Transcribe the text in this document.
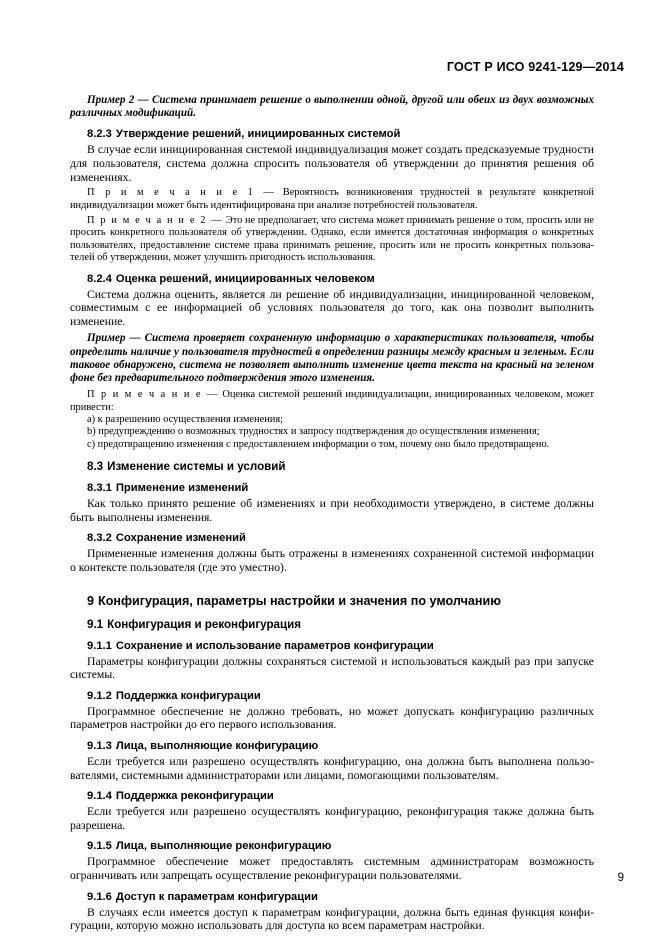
ГОСТ Р ИСО 9241-129—2014

Пример 2 — Система принимает решение о выполнении одной, другой или обеих из двух возможных различных модификаций.

8.2.3 Утверждение решений, инициированных системой

В случае если инициированная системой индивидуализация может создать предсказуемые трудности для пользователя, система должна спросить пользователя об утверждении до принятия решения об изменениях.

П р и м е ч а н и е 1 — Вероятность возникновения трудностей в результате конкретной индивидуализации может быть идентифицирована при анализе потребностей пользователя.

П р и м е ч а н и е 2 — Это не предполагает, что система может принимать решение о том, просить или не просить конкретного пользователя об утверждении. Однако, если имеется достаточная информация о конкретных пользователях, предоставление системе права принимать решение, просить или не просить конкретных пользователей об утверждении, может улучшить пригодность использования.

8.2.4 Оценка решений, инициированных человеком

Система должна оценить, является ли решение об индивидуализации, инициированной человеком, совместимым с ее информацией об условиях пользователя до того, как она позволит выполнить изменение.

Пример — Система проверяет сохраненную информацию о характеристиках пользователя, чтобы определить наличие у пользователя трудностей в определении разницы между красным и зеленым. Если таковое обнаружено, система не позволяет выполнить изменение цвета текста на красный на зеленом фоне без предварительного подтверждения этого изменения.

П р и м е ч а н и е — Оценка системой решений индивидуализации, инициированных человеком, может привести:

a) к разрешению осуществления изменения;

b) предупреждению о возможных трудностях и запросу подтверждения до осуществления изменения;

c) предотвращению изменения с предоставлением информации о том, почему оно было предотвращено.

8.3 Изменение системы и условий

8.3.1 Применение изменений

Как только принято решение об изменениях и при необходимости утверждено, в системе должны быть выполнены изменения.

8.3.2 Сохранение изменений

Примененные изменения должны быть отражены в изменениях сохраненной системой информации о контексте пользователя (где это уместно).

9 Конфигурация, параметры настройки и значения по умолчанию

9.1 Конфигурация и реконфигурация

9.1.1 Сохранение и использование параметров конфигурации

Параметры конфигурации должны сохраняться системой и использоваться каждый раз при запуске системы.

9.1.2 Поддержка конфигурации

Программное обеспечение не должно требовать, но может допускать конфигурацию различных параметров настройки до его первого использования.

9.1.3 Лица, выполняющие конфигурацию

Если требуется или разрешено осуществлять конфигурацию, она должна быть выполнена пользователями, системными администраторами или лицами, помогающими пользователям.

9.1.4 Поддержка реконфигурации

Если требуется или разрешено осуществлять конфигурацию, реконфигурация также должна быть разрешена.

9.1.5 Лица, выполняющие реконфигурацию

Программное обеспечение может предоставлять системным администраторам возможность ограничивать или запрещать осуществление реконфигурации пользователями.

9.1.6 Доступ к параметрам конфигурации

В случаях если имеется доступ к параметрам конфигурации, должна быть единая функция конфигурации, которую можно использовать для доступа ко всем параметрам настройки.

9
